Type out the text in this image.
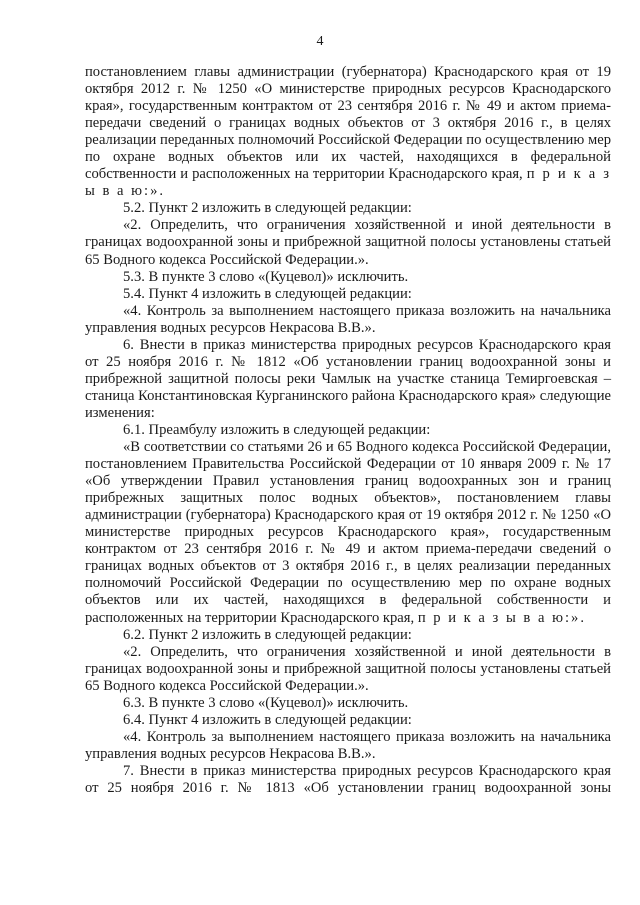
4

постановлением главы администрации (губернатора) Краснодарского края от 19 октября 2012 г. № 1250 «О министерстве природных ресурсов Краснодарского края», государственным контрактом от 23 сентября 2016 г. № 49 и актом приема-передачи сведений о границах водных объектов от 3 октября 2016 г., в целях реализации переданных полномочий Российской Федерации по осуществлению мер по охране водных объектов или их частей, находящихся в федеральной собственности и расположенных на территории Краснодарского края, п р и к а з ы в а ю:».

5.2. Пункт 2 изложить в следующей редакции:

«2. Определить, что ограничения хозяйственной и иной деятельности в границах водоохранной зоны и прибрежной защитной полосы установлены статьей 65 Водного кодекса Российской Федерации.».

5.3. В пункте 3 слово «(Куцевол)» исключить.

5.4. Пункт 4 изложить в следующей редакции:

«4. Контроль за выполнением настоящего приказа возложить на начальника управления водных ресурсов Некрасова В.В.».

6. Внести в приказ министерства природных ресурсов Краснодарского края от 25 ноября 2016 г. № 1812 «Об установлении границ водоохранной зоны и прибрежной защитной полосы реки Чамлык на участке станица Темиргоевская – станица Константиновская Курганинского района Краснодарского края» следующие изменения:

6.1. Преамбулу изложить в следующей редакции:

«В соответствии со статьями 26 и 65 Водного кодекса Российской Федерации, постановлением Правительства Российской Федерации от 10 января 2009 г. № 17 «Об утверждении Правил установления границ водоохранных зон и границ прибрежных защитных полос водных объектов», постановлением главы администрации (губернатора) Краснодарского края от 19 октября 2012 г. № 1250 «О министерстве природных ресурсов Краснодарского края», государственным контрактом от 23 сентября 2016 г. № 49 и актом приема-передачи сведений о границах водных объектов от 3 октября 2016 г., в целях реализации переданных полномочий Российской Федерации по осуществлению мер по охране водных объектов или их частей, находящихся в федеральной собственности и расположенных на территории Краснодарского края, п р и к а з ы в а ю:».

6.2. Пункт 2 изложить в следующей редакции:

«2. Определить, что ограничения хозяйственной и иной деятельности в границах водоохранной зоны и прибрежной защитной полосы установлены статьей 65 Водного кодекса Российской Федерации.».

6.3. В пункте 3 слово «(Куцевол)» исключить.

6.4. Пункт 4 изложить в следующей редакции:

«4. Контроль за выполнением настоящего приказа возложить на начальника управления водных ресурсов Некрасова В.В.».

7. Внести в приказ министерства природных ресурсов Краснодарского края от 25 ноября 2016 г. № 1813 «Об установлении границ водоохранной зоны
